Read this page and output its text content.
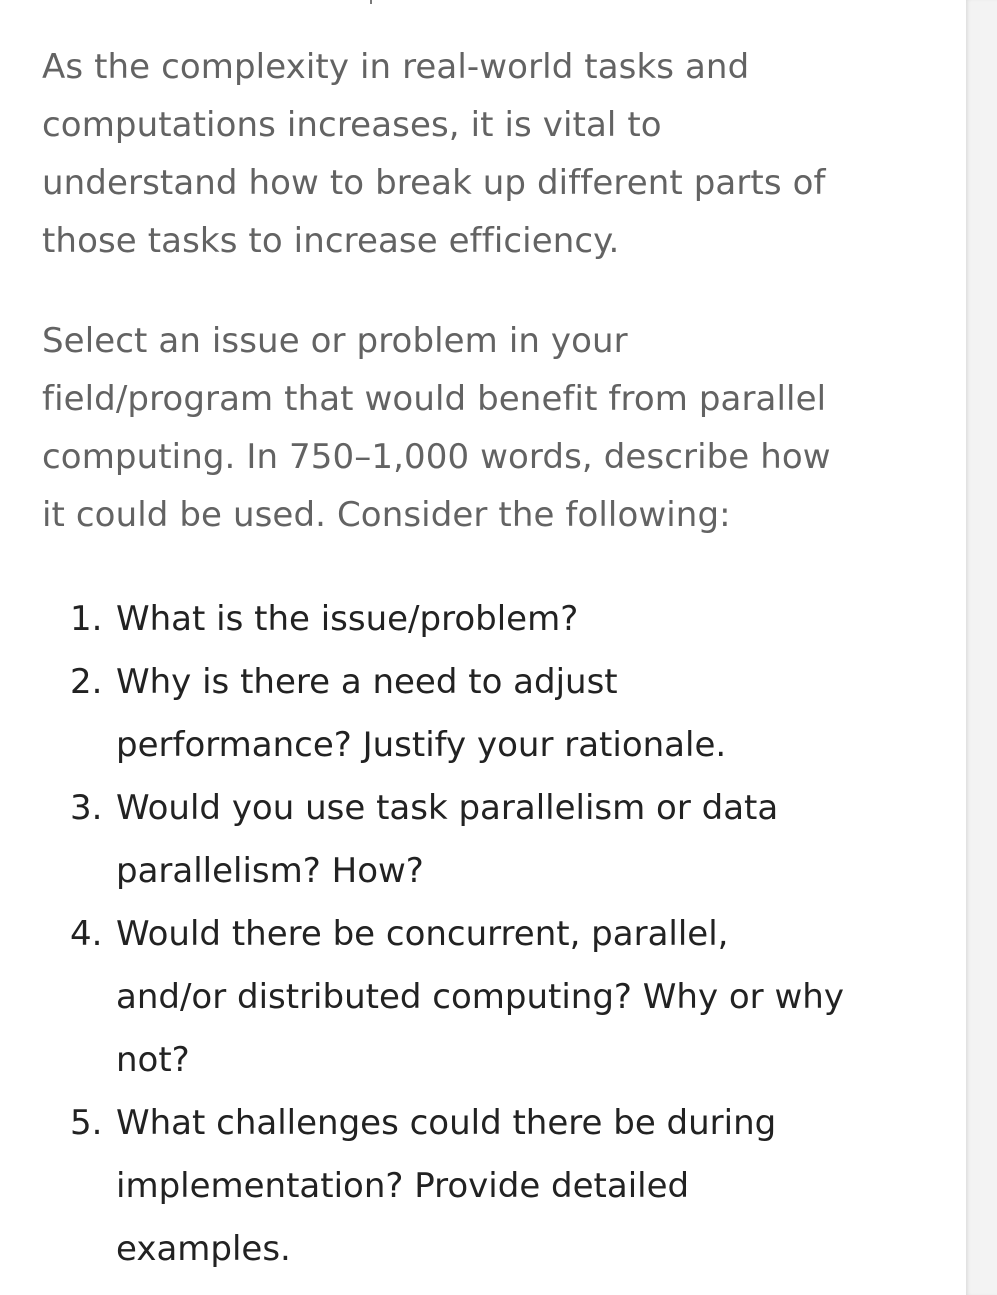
As the complexity in real-world tasks and
computations increases, it is vital to
understand how to break up different parts of
those tasks to increase efficiency.

Select an issue or problem in your
field/program that would benefit from parallel
computing. In 750–1,000 words, describe how
it could be used. Consider the following:

1. What is the issue/problem?
2. Why is there a need to adjust
performance? Justify your rationale.
3. Would you use task parallelism or data
parallelism? How?
4. Would there be concurrent, parallel,
and/or distributed computing? Why or why
not?
5. What challenges could there be during
implementation? Provide detailed
examples.
